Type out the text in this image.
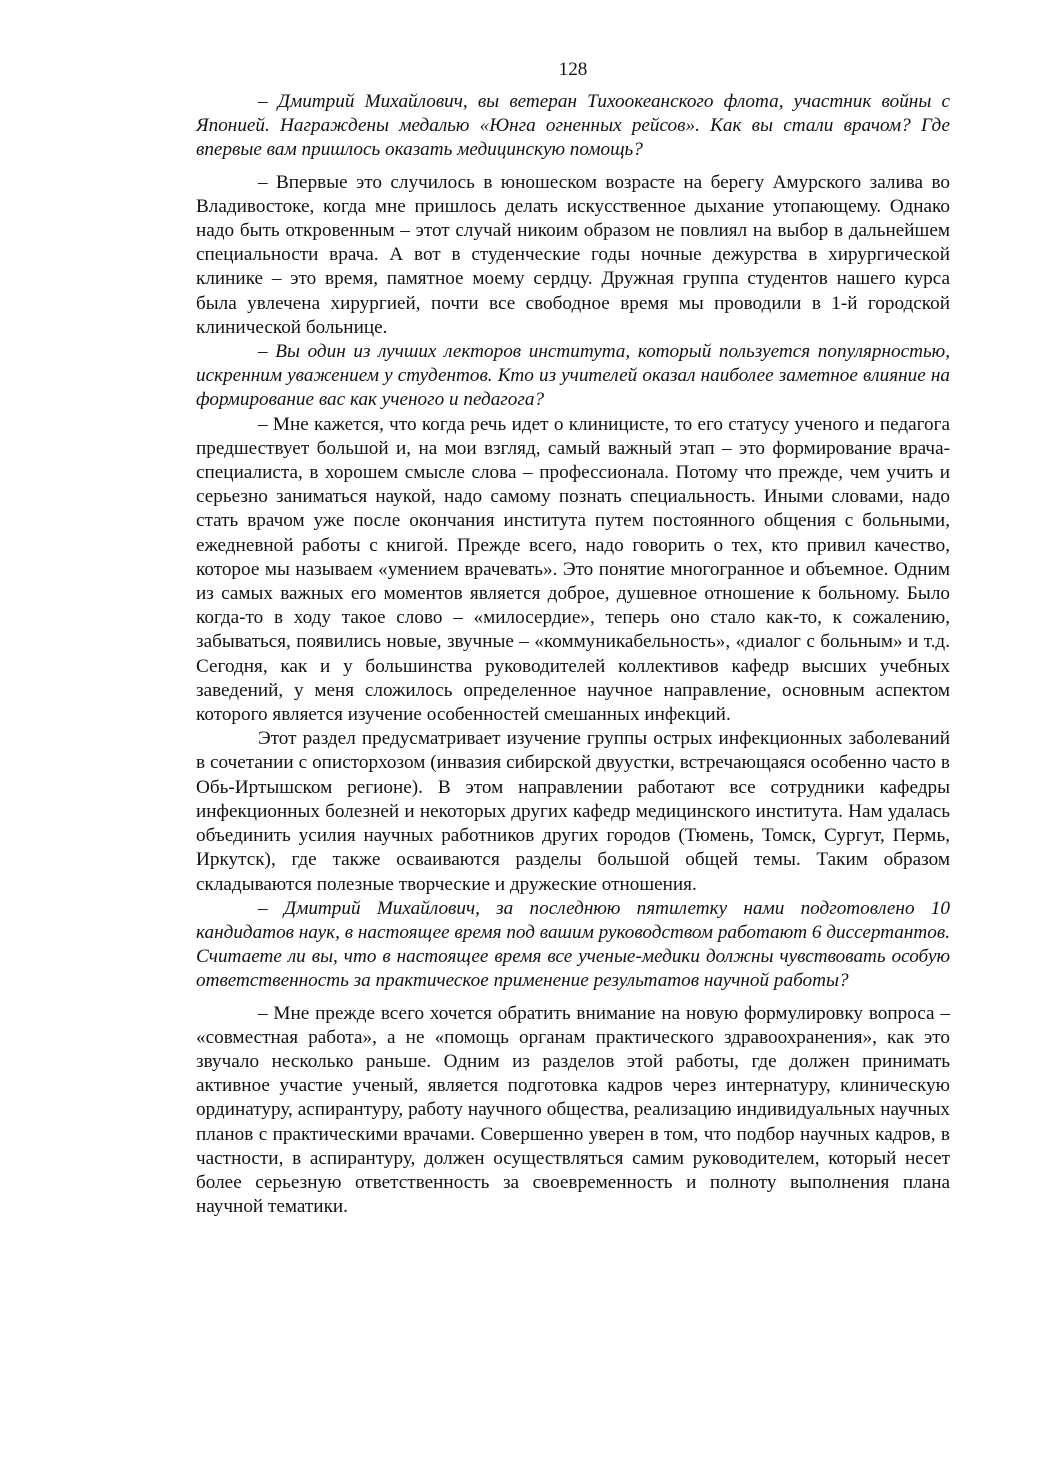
128

– Дмитрий Михайлович, вы ветеран Тихоокеанского флота, участник войны с Японией. Награждены медалью «Юнга огненных рейсов». Как вы стали врачом? Где впервые вам пришлось оказать медицинскую помощь?

– Впервые это случилось в юношеском возрасте на берегу Амурского залива во Владивостоке, когда мне пришлось делать искусственное дыхание утопающему. Однако надо быть откровенным – этот случай никоим образом не повлиял на выбор в дальнейшем специальности врача. А вот в студенческие годы ночные дежурства в хирургической клинике – это время, памятное моему сердцу. Дружная группа студентов нашего курса была увлечена хирургией, почти все свободное время мы проводили в 1-й городской клинической больнице.

– Вы один из лучших лекторов института, который пользуется популярностью, искренним уважением у студентов. Кто из учителей оказал наиболее заметное влияние на формирование вас как ученого и педагога?

– Мне кажется, что когда речь идет о клиницисте, то его статусу ученого и педагога предшествует большой и, на мои взгляд, самый важный этап – это формирование врача-специалиста, в хорошем смысле слова – профессионала. Потому что прежде, чем учить и серьезно заниматься наукой, надо самому познать специальность. Иными словами, надо стать врачом уже после окончания института путем постоянного общения с больными, ежедневной работы с книгой. Прежде всего, надо говорить о тех, кто привил качество, которое мы называем «умением врачевать». Это понятие многогранное и объемное. Одним из самых важных его моментов является доброе, душевное отношение к больному. Было когда-то в ходу такое слово – «милосердие», теперь оно стало как-то, к сожалению, забываться, появились новые, звучные – «коммуникабельность», «диалог с больным» и т.д. Сегодня, как и у большинства руководителей коллективов кафедр высших учебных заведений, у меня сложилось определенное научное направление, основным аспектом которого является изучение особенностей смешанных инфекций.

Этот раздел предусматривает изучение группы острых инфекционных заболеваний в сочетании с описторхозом (инвазия сибирской двуустки, встречающаяся особенно часто в Обь-Иртышском регионе). В этом направлении работают все сотрудники кафедры инфекционных болезней и некоторых других кафедр медицинского института. Нам удалась объединить усилия научных работников других городов (Тюмень, Томск, Сургут, Пермь, Иркутск), где также осваиваются разделы большой общей темы. Таким образом складываются полезные творческие и дружеские отношения.

– Дмитрий Михайлович, за последнюю пятилетку нами подготовлено 10 кандидатов наук, в настоящее время под вашим руководством работают 6 диссертантов. Считаете ли вы, что в настоящее время все ученые-медики должны чувствовать особую ответственность за практическое применение результатов научной работы?

– Мне прежде всего хочется обратить внимание на новую формулировку вопроса – «совместная работа», а не «помощь органам практического здравоохранения», как это звучало несколько раньше. Одним из разделов этой работы, где должен принимать активное участие ученый, является подготовка кадров через интернатуру, клиническую ординатуру, аспирантуру, работу научного общества, реализацию индивидуальных научных планов с практическими врачами. Совершенно уверен в том, что подбор научных кадров, в частности, в аспирантуру, должен осуществляться самим руководителем, который несет более серьезную ответственность за своевременность и полноту выполнения плана научной тематики.
